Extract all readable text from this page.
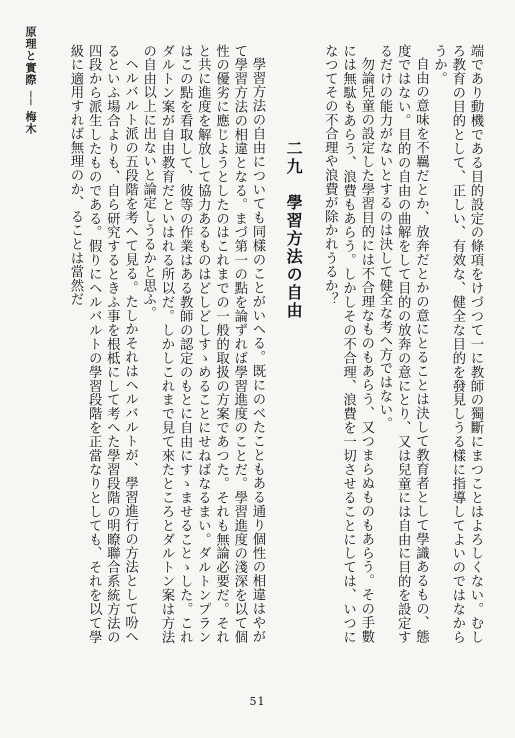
原理と實際 ── 梅木	端であり動機である目的設定の條項をけづつて一に教師の獨斷にまつことはよろしくない。むしろ教育の目的として、正しい、有效な、健全な目的を發見しうる樣に指導してよいのではなからうか。

自由の意味を不羈だとか、放奔だとかの意にとることは決して教育者として學識あるもの、態度ではない。目的の自由の曲解をして目的の放奔の意にとり、又は兒童には自由に目的を設定するだけの能力がないとするのは決して健全な考へ方ではない。

勿論兒童の設定した學習目的には不合理なものもあらう、又つまらぬものもあらう。その手數には無駄もあらう、浪費もあらう。しかしその不合理、浪費を一切させることにしては、いつになつてその不合理や浪費が除かれうるか？

二九　學習方法の自由

學習方法の自由についても同樣のことがいへる。既にのべたこともある通り個性の相違はやがて學習方法の相違となる。まづ第一の點を論ずれば學習進度のことだ。學習進度の淺深を以て個性の優劣に應じようとしたのはこれまでの一般的取扱の方案であつた。それも無論必要だ。それと共に進度を解放して協力あるものはどしどしすゝめることにせねばなるまい。ダルトンプランはこの點を看取して、彼等の作業はある教師の認定のもとに自由にすゝませることゝした。これダルトン案が自由教育だといはれる所以だ。しかしこれまで見て來たところとダルトン案は方法の自由以上に出ないと論定しうるかと思ふ。

ヘルバルト派の五段階を考へて見る。たしかそれはヘルバルトが、學習進行の方法として吩へるといふ場合よりも、自ら研究するときふ事を根柢にして考へた學習段階の明瞭聯合系統方法の四段から派生したものである。假りにヘルバルトの學習段階を正當なりとしても、それを以て學級に適用すれば無理のか、ることは當然だ

51
